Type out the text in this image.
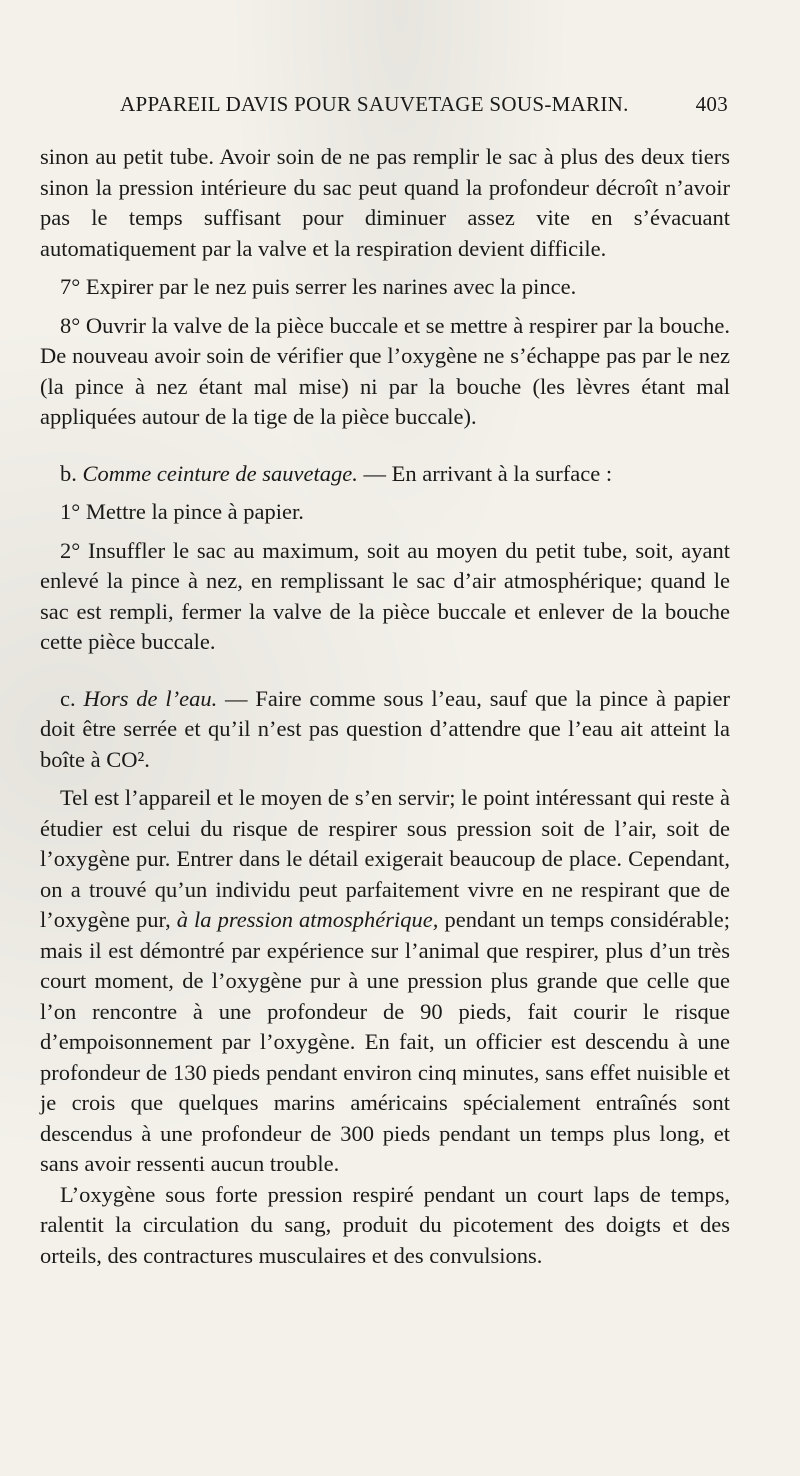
APPAREIL DAVIS POUR SAUVETAGE SOUS-MARIN.	403

sinon au petit tube. Avoir soin de ne pas remplir le sac à plus des deux tiers sinon la pression intérieure du sac peut quand la profondeur décroît n’avoir pas le temps suffisant pour diminuer assez vite en s’évacuant automatiquement par la valve et la respiration devient difficile.

7° Expirer par le nez puis serrer les narines avec la pince.

8° Ouvrir la valve de la pièce buccale et se mettre à respirer par la bouche. De nouveau avoir soin de vérifier que l’oxygène ne s’échappe pas par le nez (la pince à nez étant mal mise) ni par la bouche (les lèvres étant mal appliquées autour de la tige de la pièce buccale).

b. Comme ceinture de sauvetage. — En arrivant à la surface :

1° Mettre la pince à papier.

2° Insuffler le sac au maximum, soit au moyen du petit tube, soit, ayant enlevé la pince à nez, en remplissant le sac d’air atmosphérique; quand le sac est rempli, fermer la valve de la pièce buccale et enlever de la bouche cette pièce buccale.

c. Hors de l’eau. — Faire comme sous l’eau, sauf que la pince à papier doit être serrée et qu’il n’est pas question d’attendre que l’eau ait atteint la boîte à CO².

Tel est l’appareil et le moyen de s’en servir; le point intéressant qui reste à étudier est celui du risque de respirer sous pression soit de l’air, soit de l’oxygène pur. Entrer dans le détail exigerait beaucoup de place. Cependant, on a trouvé qu’un individu peut parfaitement vivre en ne respirant que de l’oxygène pur, à la pression atmosphérique, pendant un temps considérable; mais il est démontré par expérience sur l’animal que respirer, plus d’un très court moment, de l’oxygène pur à une pression plus grande que celle que l’on rencontre à une profondeur de 90 pieds, fait courir le risque d’empoisonnement par l’oxygène. En fait, un officier est descendu à une profondeur de 130 pieds pendant environ cinq minutes, sans effet nuisible et je crois que quelques marins américains spécialement entraînés sont descendus à une profondeur de 300 pieds pendant un temps plus long, et sans avoir ressenti aucun trouble.

L’oxygène sous forte pression respiré pendant un court laps de temps, ralentit la circulation du sang, produit du picotement des doigts et des orteils, des contractures musculaires et des convulsions.
